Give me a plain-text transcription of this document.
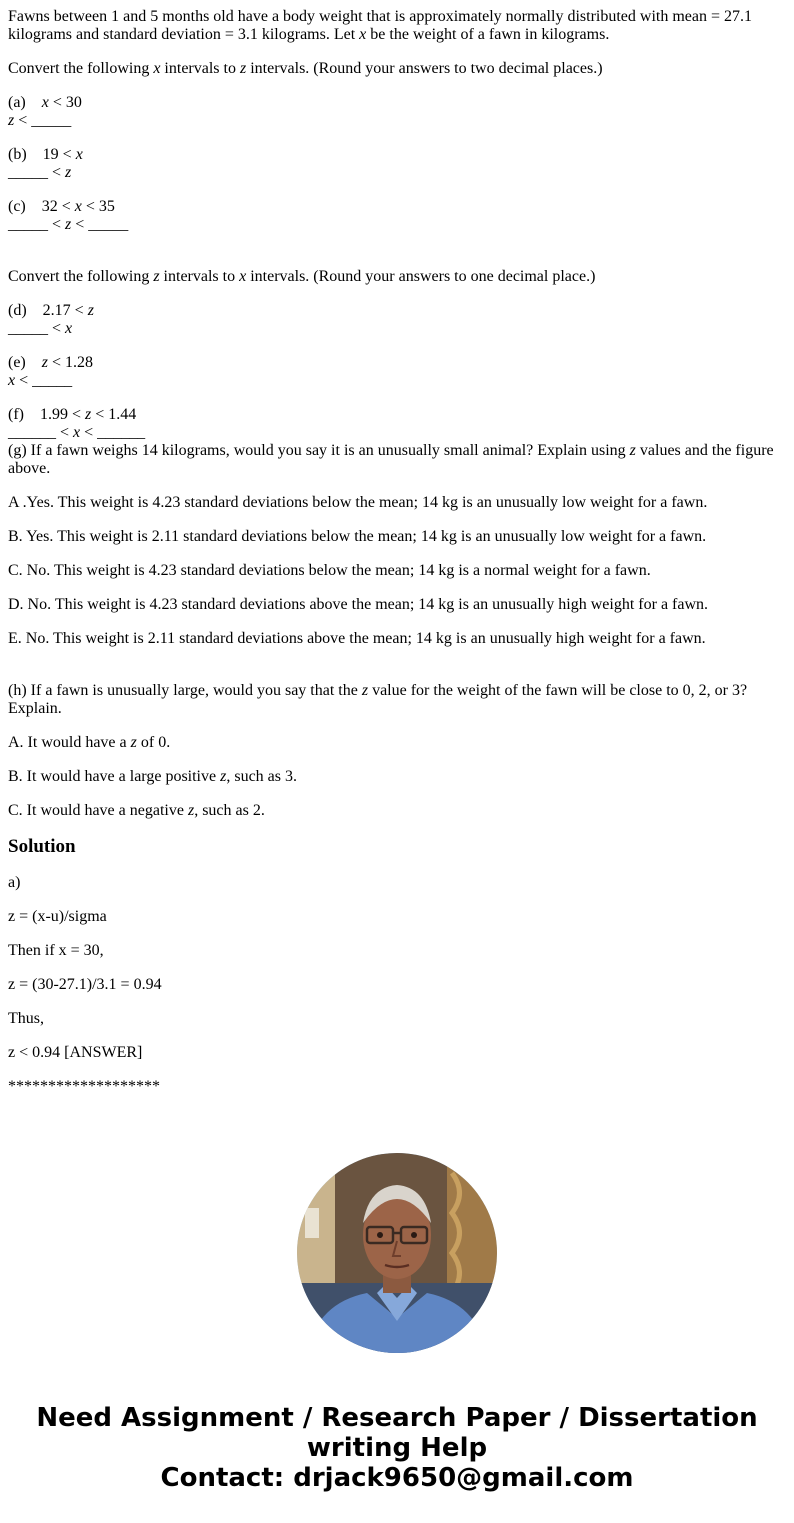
Fawns between 1 and 5 months old have a body weight that is approximately normally distributed with mean = 27.1 kilograms and standard deviation = 3.1 kilograms. Let x be the weight of a fawn in kilograms.

Convert the following x intervals to z intervals. (Round your answers to two decimal places.)

(a) x < 30
z < _____

(b) 19 < x
_____ < z

(c) 32 < x < 35
_____ < z < _____

Convert the following z intervals to x intervals. (Round your answers to one decimal place.)

(d) 2.17 < z
_____ < x

(e) z < 1.28
x < _____

(f) 1.99 < z < 1.44
______ < x < ______

(g) If a fawn weighs 14 kilograms, would you say it is an unusually small animal? Explain using z values and the figure above.

A .Yes. This weight is 4.23 standard deviations below the mean; 14 kg is an unusually low weight for a fawn.

B. Yes. This weight is 2.11 standard deviations below the mean; 14 kg is an unusually low weight for a fawn.

C. No. This weight is 4.23 standard deviations below the mean; 14 kg is a normal weight for a fawn.

D. No. This weight is 4.23 standard deviations above the mean; 14 kg is an unusually high weight for a fawn.

E. No. This weight is 2.11 standard deviations above the mean; 14 kg is an unusually high weight for a fawn.

(h) If a fawn is unusually large, would you say that the z value for the weight of the fawn will be close to 0, 2, or 3? Explain.

A. It would have a z of 0.

B. It would have a large positive z, such as 3.

C. It would have a negative z, such as 2.

Solution

a)

z = (x-u)/sigma

Then if x = 30,

z = (30-27.1)/3.1 = 0.94

Thus,

z < 0.94 [ANSWER]

*******************

Need Assignment / Research Paper / Dissertation
writing Help
Contact: drjack9650@gmail.com
